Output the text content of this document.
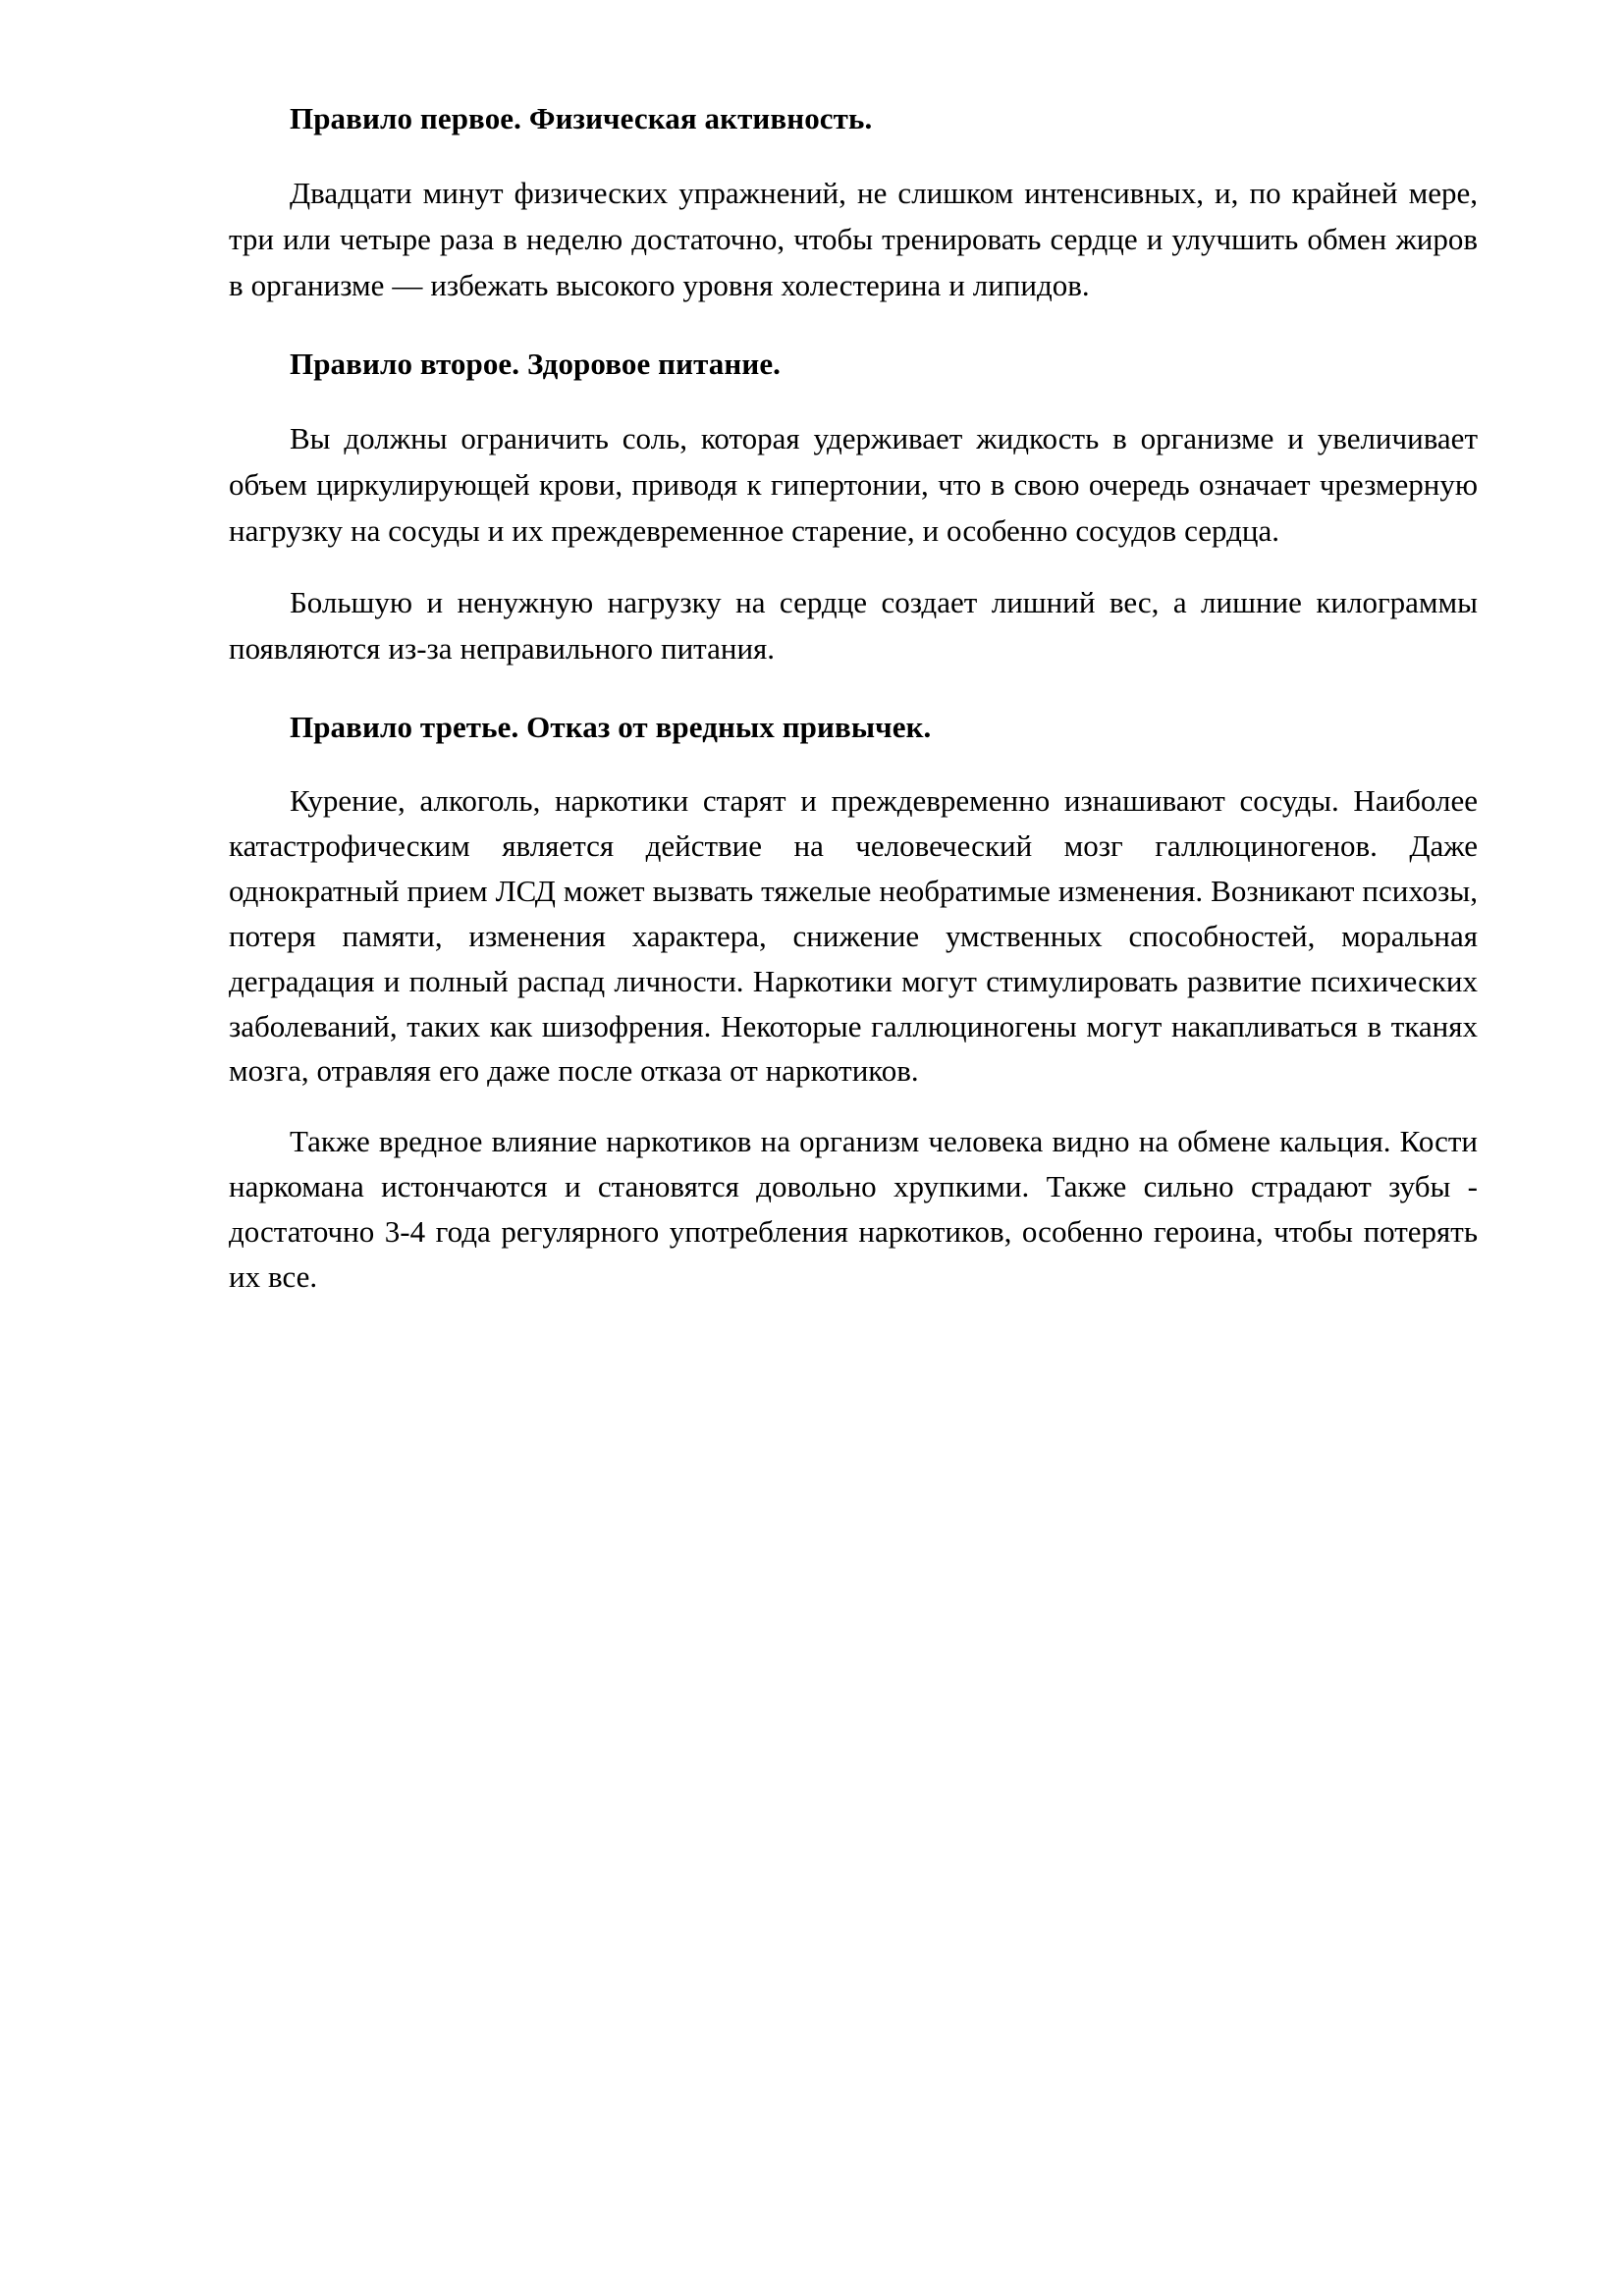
Правило первое. Физическая активность.
Двадцати минут физических упражнений, не слишком интенсивных, и, по крайней мере, три или четыре раза в неделю достаточно, чтобы тренировать сердце и улучшить обмен жиров в организме — избежать высокого уровня холестерина и липидов.
Правило второе. Здоровое питание.
Вы должны ограничить соль, которая удерживает жидкость в организме и увеличивает объем циркулирующей крови, приводя к гипертонии, что в свою очередь означает чрезмерную нагрузку на сосуды и их преждевременное старение, и особенно сосудов сердца.
Большую и ненужную нагрузку на сердце создает лишний вес, а лишние килограммы появляются из-за неправильного питания.
Правило третье. Отказ от вредных привычек.
Курение, алкоголь, наркотики старят и преждевременно изнашивают сосуды. Наиболее катастрофическим является действие на человеческий мозг галлюциногенов. Даже однократный прием ЛСД может вызвать тяжелые необратимые изменения. Возникают психозы, потеря памяти, изменения характера, снижение умственных способностей, моральная деградация и полный распад личности. Наркотики могут стимулировать развитие психических заболеваний, таких как шизофрения. Некоторые галлюциногены могут накапливаться в тканях мозга, отравляя его даже после отказа от наркотиков.
Также вредное влияние наркотиков на организм человека видно на обмене кальция. Кости наркомана истончаются и становятся довольно хрупкими. Также сильно страдают зубы - достаточно 3-4 года регулярного употребления наркотиков, особенно героина, чтобы потерять их все.
